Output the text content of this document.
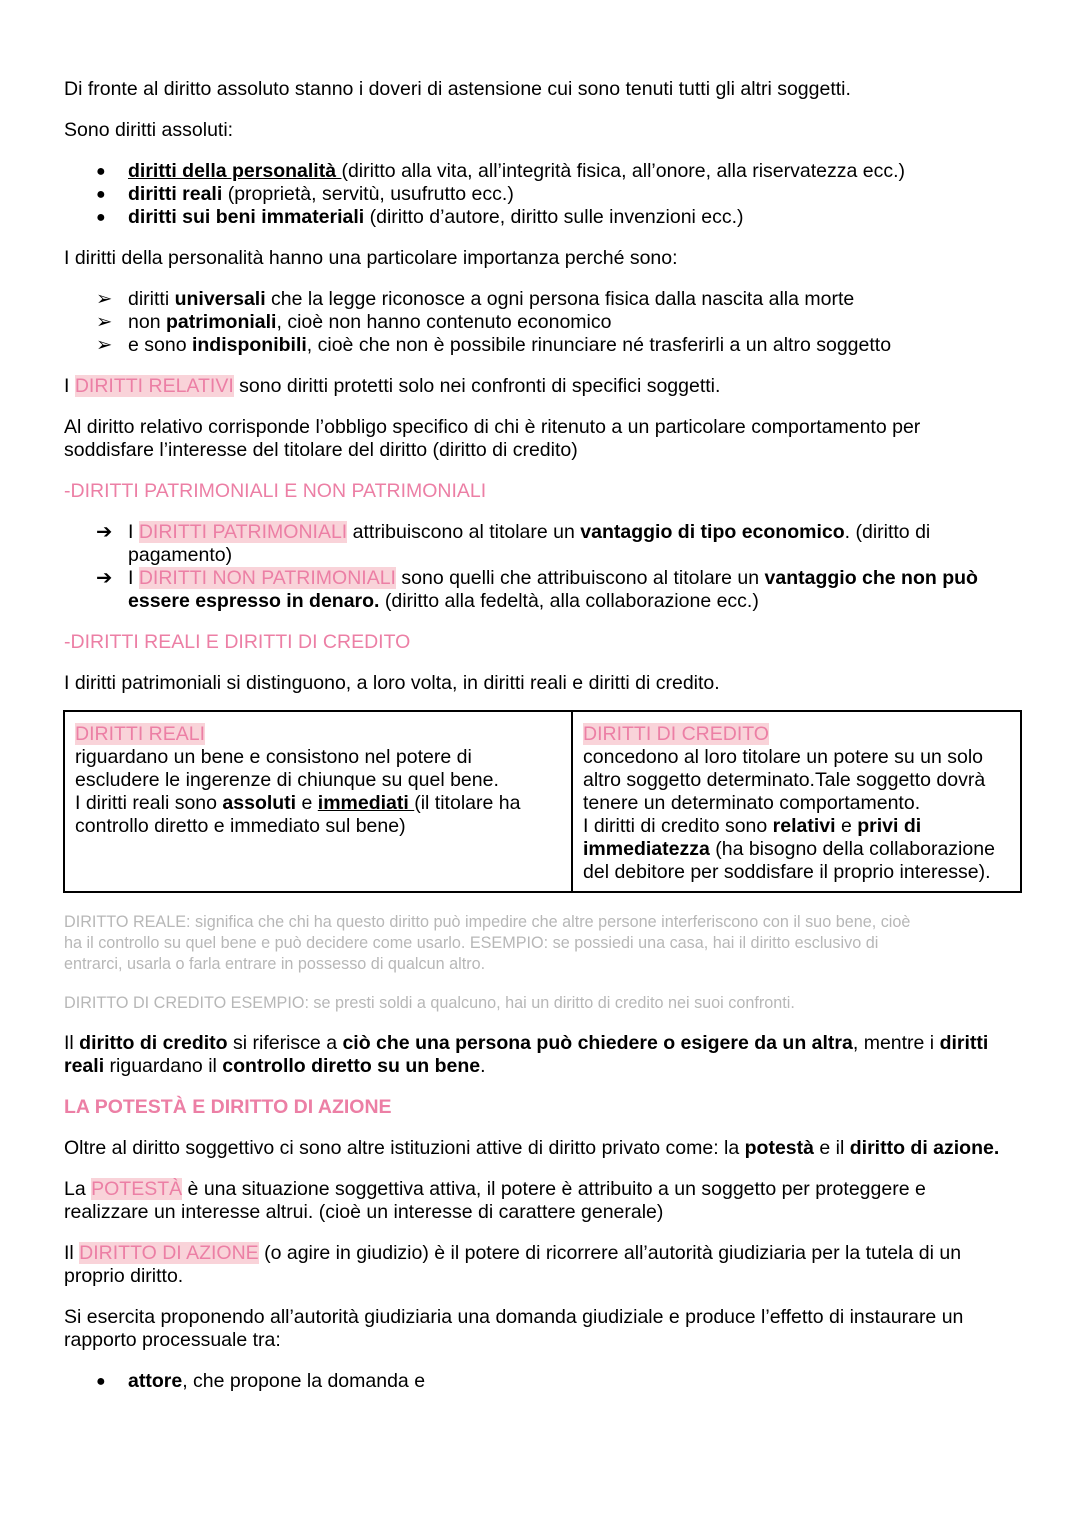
Di fronte al diritto assoluto stanno i doveri di astensione cui sono tenuti tutti gli altri soggetti.
Sono diritti assoluti:
●	diritti della personalità (diritto alla vita, all’integrità fisica, all’onore, alla riservatezza ecc.)
●	diritti reali (proprietà, servitù, usufrutto ecc.)
●	diritti sui beni immateriali (diritto d’autore, diritto sulle invenzioni ecc.)
I diritti della personalità hanno una particolare importanza perché sono:
➢ diritti universali che la legge riconosce a ogni persona fisica dalla nascita alla morte
➢ non patrimoniali, cioè non hanno contenuto economico
➢ e sono indisponibili, cioè che non è possibile rinunciare né trasferirli a un altro soggetto
I DIRITTI RELATIVI sono diritti protetti solo nei confronti di specifici soggetti.
Al diritto relativo corrisponde l’obbligo specifico di chi è ritenuto a un particolare comportamento per
soddisfare l’interesse del titolare del diritto (diritto di credito)
-DIRITTI PATRIMONIALI E NON PATRIMONIALI
➔ I DIRITTI PATRIMONIALI attribuiscono al titolare un vantaggio di tipo economico. (diritto di
pagamento)
➔ I DIRITTI NON PATRIMONIALI sono quelli che attribuiscono al titolare un vantaggio che non può
essere espresso in denaro. (diritto alla fedeltà, alla collaborazione ecc.)
-DIRITTI REALI E DIRITTI DI CREDITO
I diritti patrimoniali si distinguono, a loro volta, in diritti reali e diritti di credito.
DIRITTI REALI
riguardano un bene e consistono nel potere di
escludere le ingerenze di chiunque su quel bene.
I diritti reali sono assoluti e immediati (il titolare ha
controllo diretto e immediato sul bene)

DIRITTI DI CREDITO
concedono al loro titolare un potere su un solo
altro soggetto determinato.Tale soggetto dovrà
tenere un determinato comportamento.
I diritti di credito sono relativi e privi di
immediatezza (ha bisogno della collaborazione
del debitore per soddisfare il proprio interesse).
DIRITTO REALE: significa che chi ha questo diritto può impedire che altre persone interferiscono con il suo bene, cioè
ha il controllo su quel bene e può decidere come usarlo. ESEMPIO: se possiedi una casa, hai il diritto esclusivo di
entrarci, usarla o farla entrare in possesso di qualcun altro.
DIRITTO DI CREDITO ESEMPIO: se presti soldi a qualcuno, hai un diritto di credito nei suoi confronti.
Il diritto di credito si riferisce a ciò che una persona può chiedere o esigere da un altra, mentre i diritti
reali riguardano il controllo diretto su un bene.
LA POTESTÀ E DIRITTO DI AZIONE
Oltre al diritto soggettivo ci sono altre istituzioni attive di diritto privato come: la potestà e il diritto di azione.
La POTESTÀ è una situazione soggettiva attiva, il potere è attribuito a un soggetto per proteggere e
realizzare un interesse altrui. (cioè un interesse di carattere generale)
Il DIRITTO DI AZIONE (o agire in giudizio) è il potere di ricorrere all’autorità giudiziaria per la tutela di un
proprio diritto.
Si esercita proponendo all’autorità giudiziaria una domanda giudiziale e produce l’effetto di instaurare un
rapporto processuale tra:
●	attore, che propone la domanda e
